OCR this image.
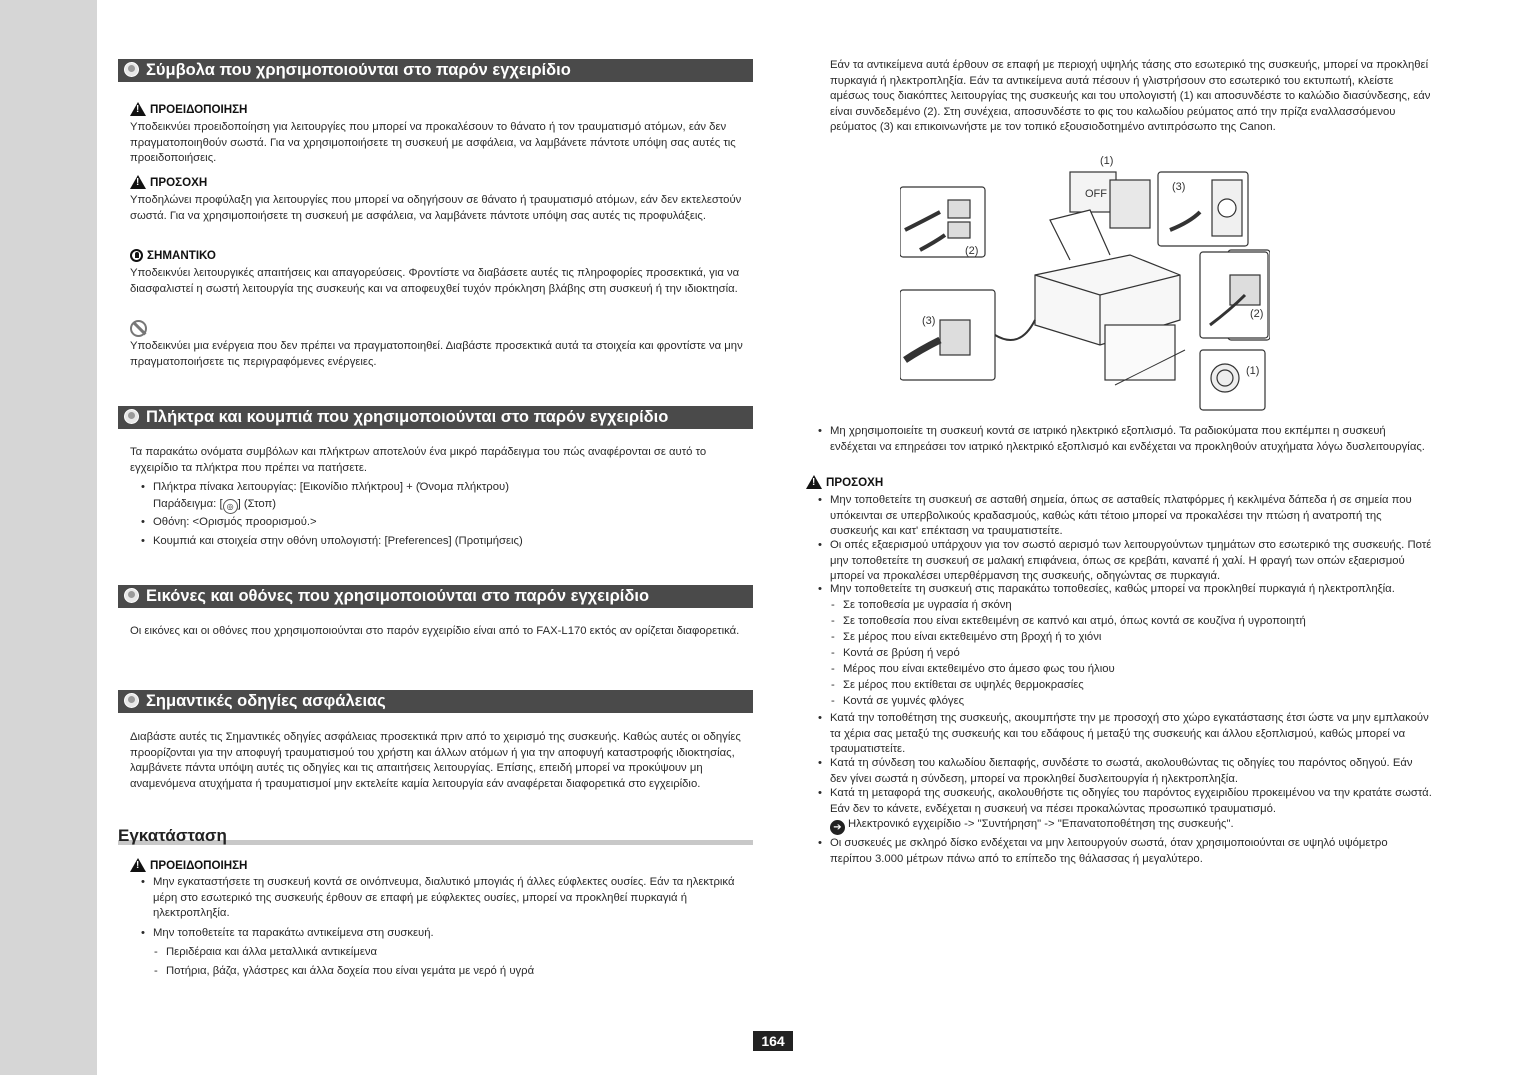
Σύμβολα που χρησιμοποιούνται στο παρόν εγχειρίδιο
!
ΠΡΟΕΙΔΟΠΟΙΗΣΗ
Υποδεικνύει προειδοποίηση για λειτουργίες που μπορεί να προκαλέσουν το θάνατο ή τον τραυματισμό ατόμων, εάν δεν πραγματοποιηθούν σωστά. Για να χρησιμοποιήσετε τη συσκευή με ασφάλεια, να λαμβάνετε πάντοτε υπόψη σας αυτές τις προειδοποιήσεις.
!
ΠΡΟΣΟΧΗ
Υποδηλώνει προφύλαξη για λειτουργίες που μπορεί να οδηγήσουν σε θάνατο ή τραυματισμό ατόμων, εάν δεν εκτελεστούν σωστά. Για να χρησιμοποιήσετε τη συσκευή με ασφάλεια, να λαμβάνετε πάντοτε υπόψη σας αυτές τις προφυλάξεις.
ΣΗΜΑΝΤΙΚΟ
Υποδεικνύει λειτουργικές απαιτήσεις και απαγορεύσεις. Φροντίστε να διαβάσετε αυτές τις πληροφορίες προσεκτικά, για να διασφαλιστεί η σωστή λειτουργία της συσκευής και να αποφευχθεί τυχόν πρόκληση βλάβης στη συσκευή ή την ιδιοκτησία.
Υποδεικνύει μια ενέργεια που δεν πρέπει να πραγματοποιηθεί. Διαβάστε προσεκτικά αυτά τα στοιχεία και φροντίστε να μην πραγματοποιήσετε τις περιγραφόμενες ενέργειες.
Πλήκτρα και κουμπιά που χρησιμοποιούνται στο παρόν εγχειρίδιο
Τα παρακάτω ονόματα συμβόλων και πλήκτρων αποτελούν ένα μικρό παράδειγμα του πώς αναφέρονται σε αυτό το εγχειρίδιο τα πλήκτρα που πρέπει να πατήσετε.
• Πλήκτρα πίνακα λειτουργίας: [Εικονίδιο πλήκτρου] + (Όνομα πλήκτρου)
Παράδειγμα: [ ◎ ] (Στοπ)
• Οθόνη: <Ορισμός προορισμού.>
• Κουμπιά και στοιχεία στην οθόνη υπολογιστή: [Preferences] (Προτιμήσεις)
Εικόνες και οθόνες που χρησιμοποιούνται στο παρόν εγχειρίδιο
Οι εικόνες και οι οθόνες που χρησιμοποιούνται στο παρόν εγχειρίδιο είναι από το FAX-L170 εκτός αν ορίζεται διαφορετικά.
Σημαντικές οδηγίες ασφάλειας
Διαβάστε αυτές τις Σημαντικές οδηγίες ασφάλειας προσεκτικά πριν από το χειρισμό της συσκευής. Καθώς αυτές οι οδηγίες προορίζονται για την αποφυγή τραυματισμού του χρήστη και άλλων ατόμων ή για την αποφυγή καταστροφής ιδιοκτησίας, λαμβάνετε πάντα υπόψη αυτές τις οδηγίες και τις απαιτήσεις λειτουργίας. Επίσης, επειδή μπορεί να προκύψουν μη αναμενόμενα ατυχήματα ή τραυματισμοί μην εκτελείτε καμία λειτουργία εάν αναφέρεται διαφορετικά στο εγχειρίδιο.
Εγκατάσταση
!
ΠΡΟΕΙΔΟΠΟΙΗΣΗ
• Μην εγκαταστήσετε τη συσκευή κοντά σε οινόπνευμα, διαλυτικό μπογιάς ή άλλες εύφλεκτες ουσίες. Εάν τα ηλεκτρικά μέρη στο εσωτερικό της συσκευής έρθουν σε επαφή με εύφλεκτες ουσίες, μπορεί να προκληθεί πυρκαγιά ή ηλεκτροπληξία.
• Μην τοποθετείτε τα παρακάτω αντικείμενα στη συσκευή.
- Περιδέραια και άλλα μεταλλικά αντικείμενα
- Ποτήρια, βάζα, γλάστρες και άλλα δοχεία που είναι γεμάτα με νερό ή υγρά
Εάν τα αντικείμενα αυτά έρθουν σε επαφή με περιοχή υψηλής τάσης στο εσωτερικό της συσκευής, μπορεί να προκληθεί πυρκαγιά ή ηλεκτροπληξία. Εάν τα αντικείμενα αυτά πέσουν ή γλιστρήσουν στο εσωτερικό του εκτυπωτή, κλείστε αμέσως τους διακόπτες λειτουργίας της συσκευής και του υπολογιστή (1) και αποσυνδέστε το καλώδιο διασύνδεσης, εάν είναι συνδεδεμένο (2). Στη συνέχεια, αποσυνδέστε το φις του καλωδίου ρεύματος από την πρίζα εναλλασσόμενου ρεύματος (3) και επικοινωνήστε με τον τοπικό εξουσιοδοτημένο αντιπρόσωπο της Canon.
OFF
(1)
(3)
(2)
(3)
(2)
(1)
• Μη χρησιμοποιείτε τη συσκευή κοντά σε ιατρικό ηλεκτρικό εξοπλισμό. Τα ραδιοκύματα που εκπέμπει η συσκευή ενδέχεται να επηρεάσει τον ιατρικό ηλεκτρικό εξοπλισμό και ενδέχεται να προκληθούν ατυχήματα λόγω δυσλειτουργίας.
!
ΠΡΟΣΟΧΗ
• Μην τοποθετείτε τη συσκευή σε ασταθή σημεία, όπως σε ασταθείς πλατφόρμες ή κεκλιμένα δάπεδα ή σε σημεία που υπόκεινται σε υπερβολικούς κραδασμούς, καθώς κάτι τέτοιο μπορεί να προκαλέσει την πτώση ή ανατροπή της συσκευής και κατ' επέκταση να τραυματιστείτε.
• Οι οπές εξαερισμού υπάρχουν για τον σωστό αερισμό των λειτουργούντων τμημάτων στο εσωτερικό της συσκευής. Ποτέ μην τοποθετείτε τη συσκευή σε μαλακή επιφάνεια, όπως σε κρεβάτι, καναπέ ή χαλί. Η φραγή των οπών εξαερισμού μπορεί να προκαλέσει υπερθέρμανση της συσκευής, οδηγώντας σε πυρκαγιά.
• Μην τοποθετείτε τη συσκευή στις παρακάτω τοποθεσίες, καθώς μπορεί να προκληθεί πυρκαγιά ή ηλεκτροπληξία.
- Σε τοποθεσία με υγρασία ή σκόνη
- Σε τοποθεσία που είναι εκτεθειμένη σε καπνό και ατμό, όπως κοντά σε κουζίνα ή υγροποιητή
- Σε μέρος που είναι εκτεθειμένο στη βροχή ή το χιόνι
- Κοντά σε βρύση ή νερό
- Μέρος που είναι εκτεθειμένο στο άμεσο φως του ήλιου
- Σε μέρος που εκτίθεται σε υψηλές θερμοκρασίες
- Κοντά σε γυμνές φλόγες
• Κατά την τοποθέτηση της συσκευής, ακουμπήστε την με προσοχή στο χώρο εγκατάστασης έτσι ώστε να μην εμπλακούν τα χέρια σας μεταξύ της συσκευής και του εδάφους ή μεταξύ της συσκευής και άλλου εξοπλισμού, καθώς μπορεί να τραυματιστείτε.
• Κατά τη σύνδεση του καλωδίου διεπαφής, συνδέστε το σωστά, ακολουθώντας τις οδηγίες του παρόντος οδηγού. Εάν δεν γίνει σωστά η σύνδεση, μπορεί να προκληθεί δυσλειτουργία ή ηλεκτροπληξία.
• Κατά τη μεταφορά της συσκευής, ακολουθήστε τις οδηγίες του παρόντος εγχειριδίου προκειμένου να την κρατάτε σωστά. Εάν δεν το κάνετε, ενδέχεται η συσκευή να πέσει προκαλώντας προσωπικό τραυματισμό.
➔ Ηλεκτρονικό εγχειρίδιο -> "Συντήρηση" -> "Επανατοποθέτηση της συσκευής".
• Οι συσκευές με σκληρό δίσκο ενδέχεται να μην λειτουργούν σωστά, όταν χρησιμοποιούνται σε υψηλό υψόμετρο περίπου 3.000 μέτρων πάνω από το επίπεδο της θάλασσας ή μεγαλύτερο.
164
